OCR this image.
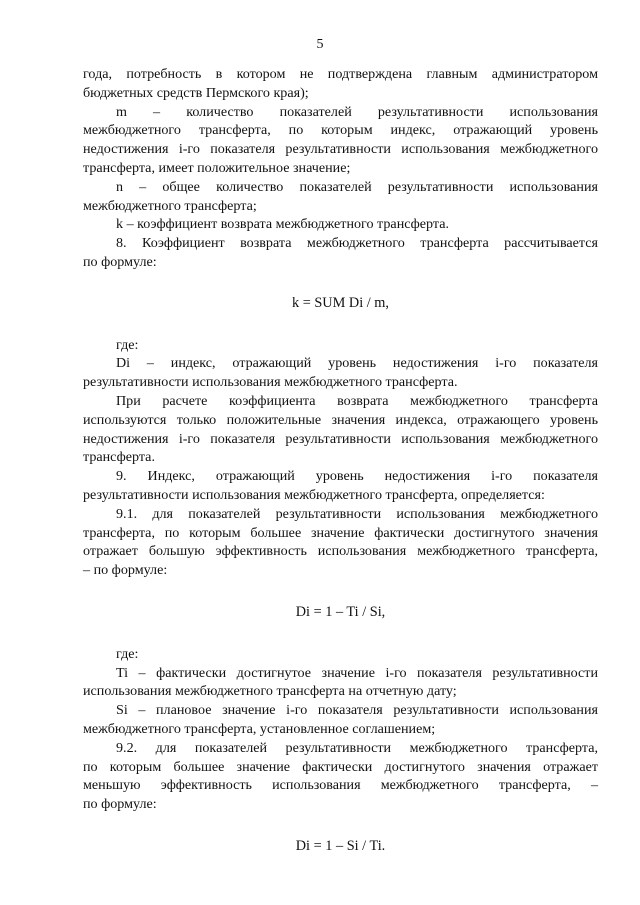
5
года, потребность в котором не подтверждена главным администратором
бюджетных средств Пермского края);
m – количество показателей результативности использования
межбюджетного трансферта, по которым индекс, отражающий уровень
недостижения i-го показателя результативности использования межбюджетного
трансферта, имеет положительное значение;
n – общее количество показателей результативности использования
межбюджетного трансферта;
k – коэффициент возврата межбюджетного трансферта.
8. Коэффициент возврата межбюджетного трансферта рассчитывается
по формуле:
k = SUM Di / m,
где:
Di – индекс, отражающий уровень недостижения i-го показателя
результативности использования межбюджетного трансферта.
При расчете коэффициента возврата межбюджетного трансферта
используются только положительные значения индекса, отражающего уровень
недостижения i-го показателя результативности использования межбюджетного
трансферта.
9. Индекс, отражающий уровень недостижения i-го показателя
результативности использования межбюджетного трансферта, определяется:
9.1. для показателей результативности использования межбюджетного
трансферта, по которым большее значение фактически достигнутого значения
отражает большую эффективность использования межбюджетного трансферта,
– по формуле:
Di = 1 – Ti / Si,
где:
Ti – фактически достигнутое значение i-го показателя результативности
использования межбюджетного трансферта на отчетную дату;
Si – плановое значение i-го показателя результативности использования
межбюджетного трансферта, установленное соглашением;
9.2. для показателей результативности межбюджетного трансферта,
по которым большее значение фактически достигнутого значения отражает
меньшую эффективность использования межбюджетного трансферта, –
по формуле:
Di = 1 – Si / Ti.
